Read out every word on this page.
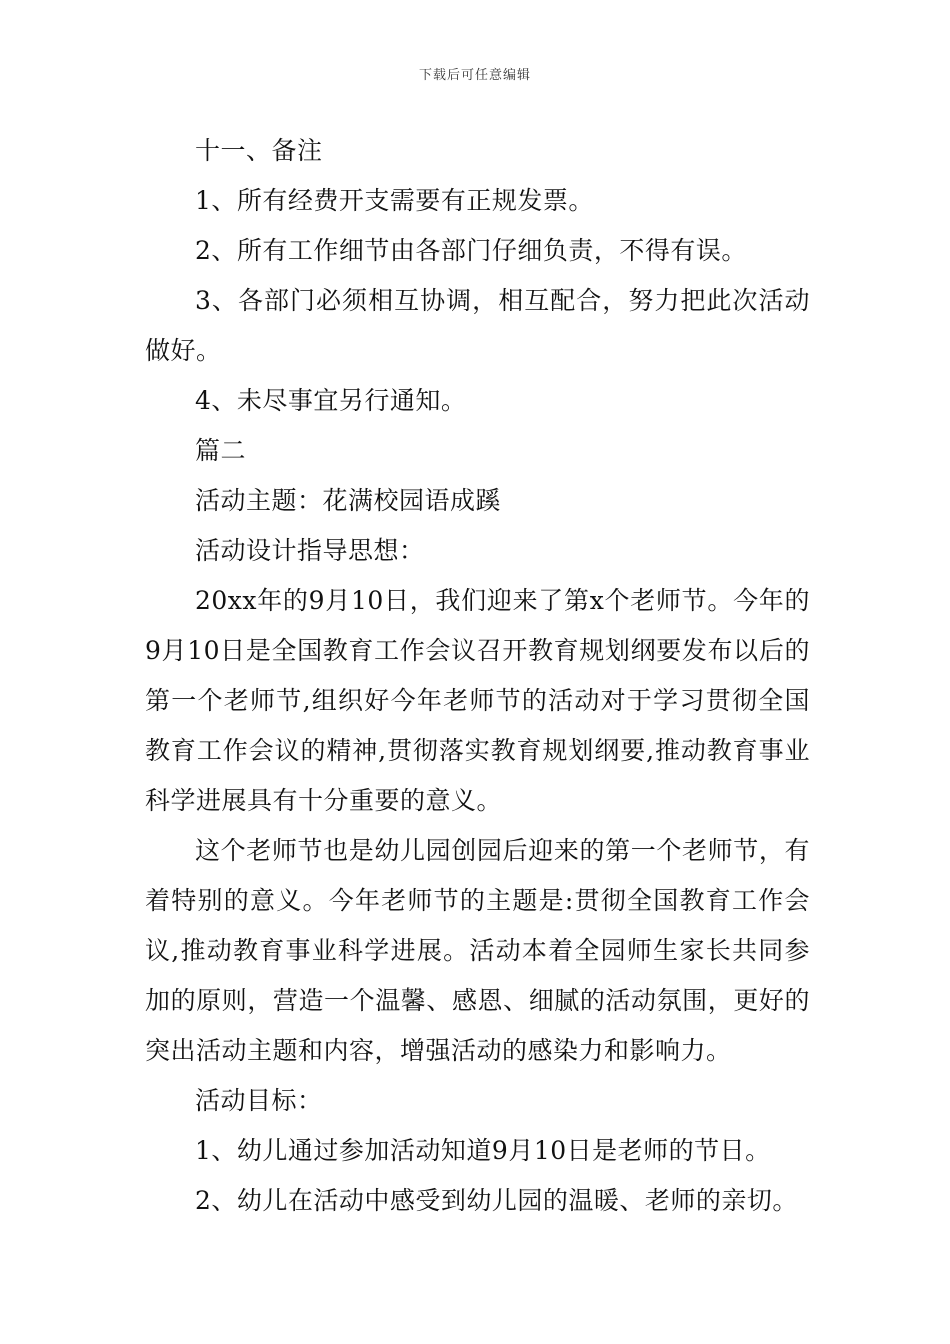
下载后可任意编辑

十一、备注

1、所有经费开支需要有正规发票。

2、所有工作细节由各部门仔细负责，不得有误。

3、各部门必须相互协调，相互配合，努力把此次活动做好。

4、未尽事宜另行通知。

篇二

活动主题：花满校园语成蹊

活动设计指导思想：

20xx年的9月10日，我们迎来了第x个老师节。今年的9月10日是全国教育工作会议召开教育规划纲要发布以后的第一个老师节,组织好今年老师节的活动对于学习贯彻全国教育工作会议的精神,贯彻落实教育规划纲要,推动教育事业科学进展具有十分重要的意义。

这个老师节也是幼儿园创园后迎来的第一个老师节，有着特别的意义。今年老师节的主题是:贯彻全国教育工作会议,推动教育事业科学进展。活动本着全园师生家长共同参加的原则，营造一个温馨、感恩、细腻的活动氛围，更好的突出活动主题和内容，增强活动的感染力和影响力。

活动目标：

1、幼儿通过参加活动知道9月10日是老师的节日。

2、幼儿在活动中感受到幼儿园的温暖、老师的亲切。
